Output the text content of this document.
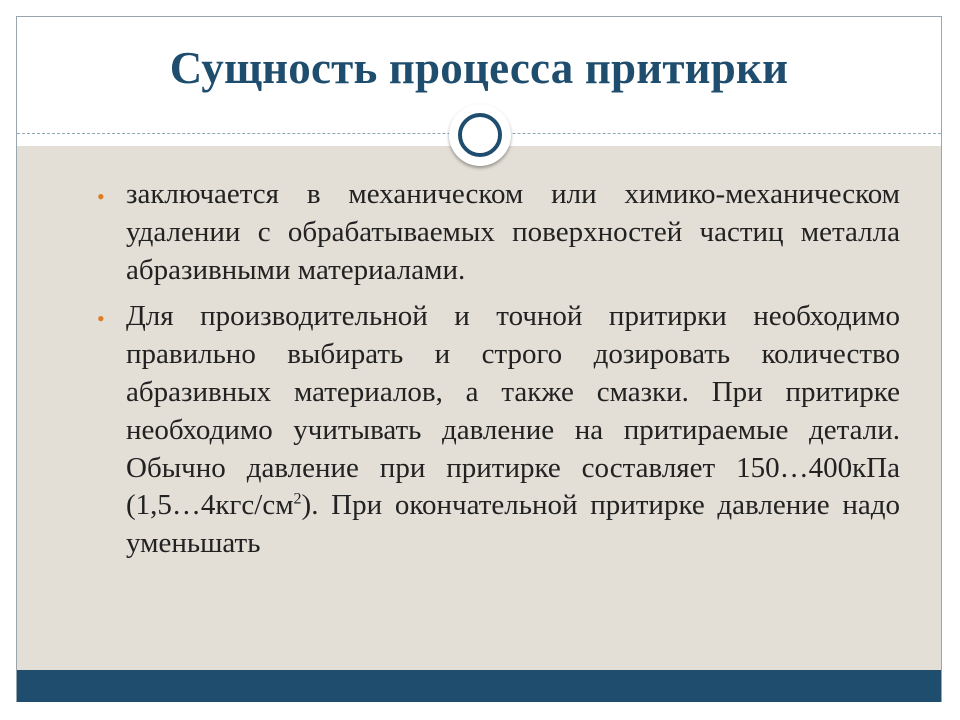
Сущность процесса притирки
• заключается в механическом или химико-механическом удалении с обрабатываемых поверхностей частиц металла абразивными материалами.
• Для производительной и точной притирки необходимо правильно выбирать и строго дозировать количество абразивных материалов, а также смазки. При притирке необходимо учитывать давление на притираемые детали. Обычно давление при притирке составляет 150…400кПа $(1,5\dots 4кгс/см^2)$. При окончательной притирке давление надо уменьшать
